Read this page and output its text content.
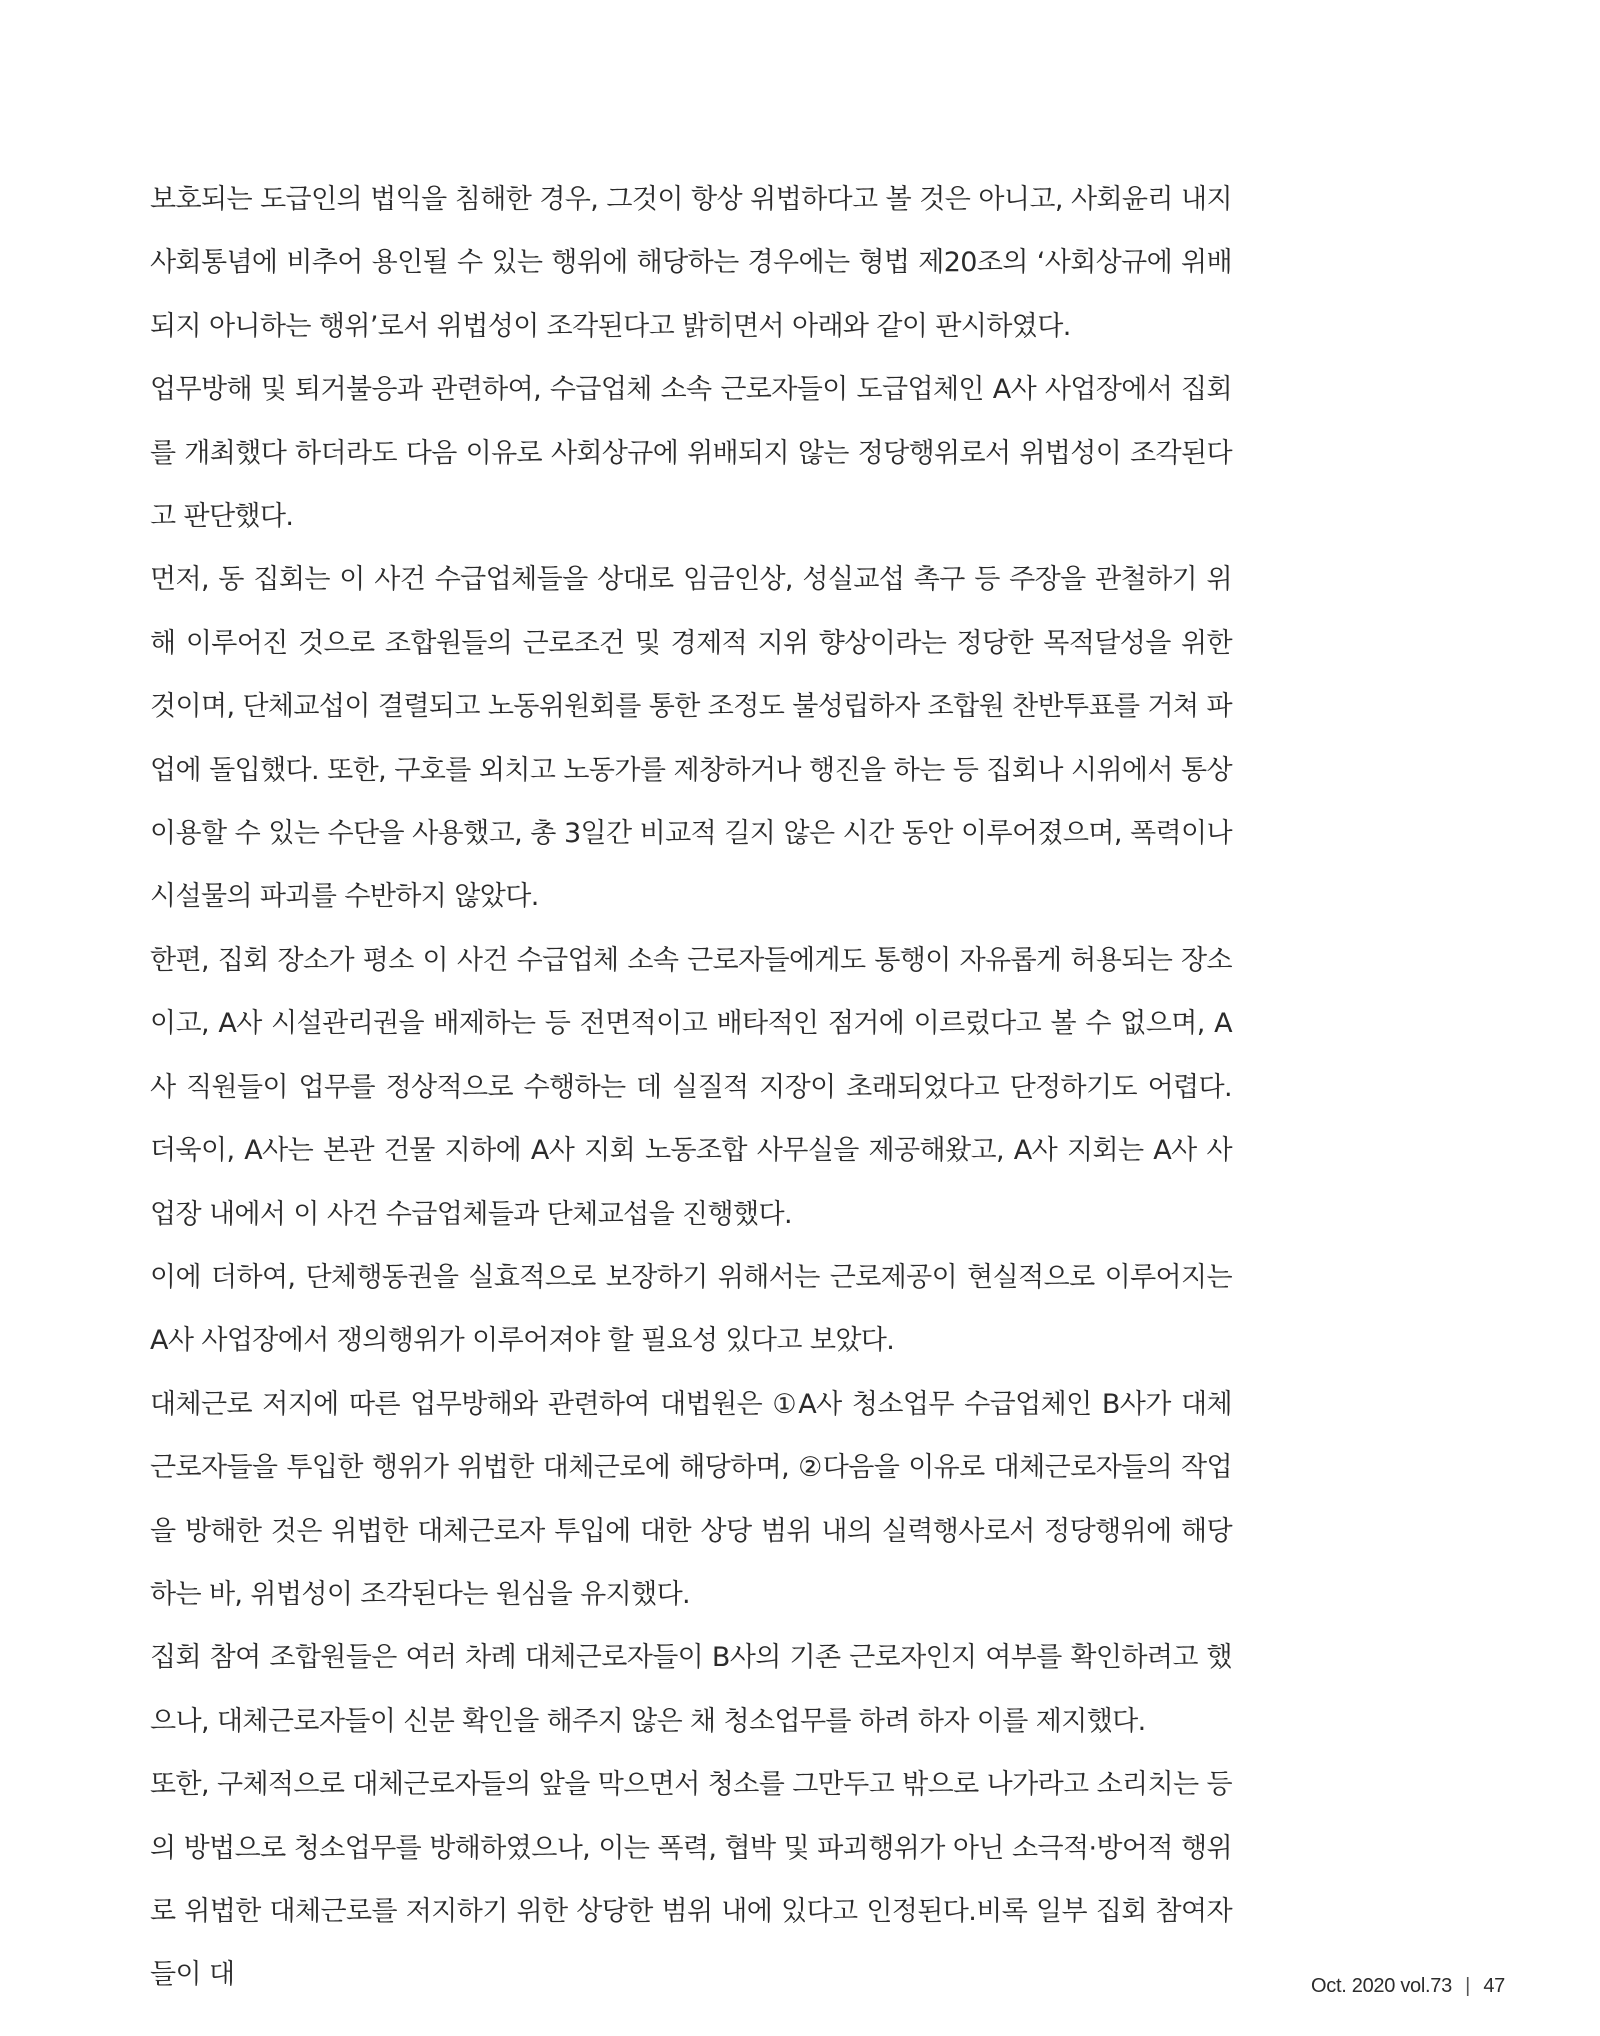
보호되는 도급인의 법익을 침해한 경우, 그것이 항상 위법하다고 볼 것은 아니고, 사회윤리 내지 사회통념에 비추어 용인될 수 있는 행위에 해당하는 경우에는 형법 제20조의 ‘사회상규에 위배되지 아니하는 행위’로서 위법성이 조각된다고 밝히면서 아래와 같이 판시하였다.

업무방해 및 퇴거불응과 관련하여, 수급업체 소속 근로자들이 도급업체인 A사 사업장에서 집회를 개최했다 하더라도 다음 이유로 사회상규에 위배되지 않는 정당행위로서 위법성이 조각된다고 판단했다.

먼저, 동 집회는 이 사건 수급업체들을 상대로 임금인상, 성실교섭 촉구 등 주장을 관철하기 위해 이루어진 것으로 조합원들의 근로조건 및 경제적 지위 향상이라는 정당한 목적달성을 위한 것이며, 단체교섭이 결렬되고 노동위원회를 통한 조정도 불성립하자 조합원 찬반투표를 거쳐 파업에 돌입했다. 또한, 구호를 외치고 노동가를 제창하거나 행진을 하는 등 집회나 시위에서 통상 이용할 수 있는 수단을 사용했고, 총 3일간 비교적 길지 않은 시간 동안 이루어졌으며, 폭력이나 시설물의 파괴를 수반하지 않았다.

한편, 집회 장소가 평소 이 사건 수급업체 소속 근로자들에게도 통행이 자유롭게 허용되는 장소이고, A사 시설관리권을 배제하는 등 전면적이고 배타적인 점거에 이르렀다고 볼 수 없으며, A사 직원들이 업무를 정상적으로 수행하는 데 실질적 지장이 초래되었다고 단정하기도 어렵다. 더욱이, A사는 본관 건물 지하에 A사 지회 노동조합 사무실을 제공해왔고, A사 지회는 A사 사업장 내에서 이 사건 수급업체들과 단체교섭을 진행했다.

이에 더하여, 단체행동권을 실효적으로 보장하기 위해서는 근로제공이 현실적으로 이루어지는 A사 사업장에서 쟁의행위가 이루어져야 할 필요성 있다고 보았다.

대체근로 저지에 따른 업무방해와 관련하여 대법원은 ①A사 청소업무 수급업체인 B사가 대체근로자들을 투입한 행위가 위법한 대체근로에 해당하며, ②다음을 이유로 대체근로자들의 작업을 방해한 것은 위법한 대체근로자 투입에 대한 상당 범위 내의 실력행사로서 정당행위에 해당하는 바, 위법성이 조각된다는 원심을 유지했다.

집회 참여 조합원들은 여러 차례 대체근로자들이 B사의 기존 근로자인지 여부를 확인하려고 했으나, 대체근로자들이 신분 확인을 해주지 않은 채 청소업무를 하려 하자 이를 제지했다.

또한, 구체적으로 대체근로자들의 앞을 막으면서 청소를 그만두고 밖으로 나가라고 소리치는 등의 방법으로 청소업무를 방해하였으나, 이는 폭력, 협박 및 파괴행위가 아닌 소극적·방어적 행위로 위법한 대체근로를 저지하기 위한 상당한 범위 내에 있다고 인정된다.비록 일부 집회 참여자들이 대	Oct. 2020 vol.73 | 47
